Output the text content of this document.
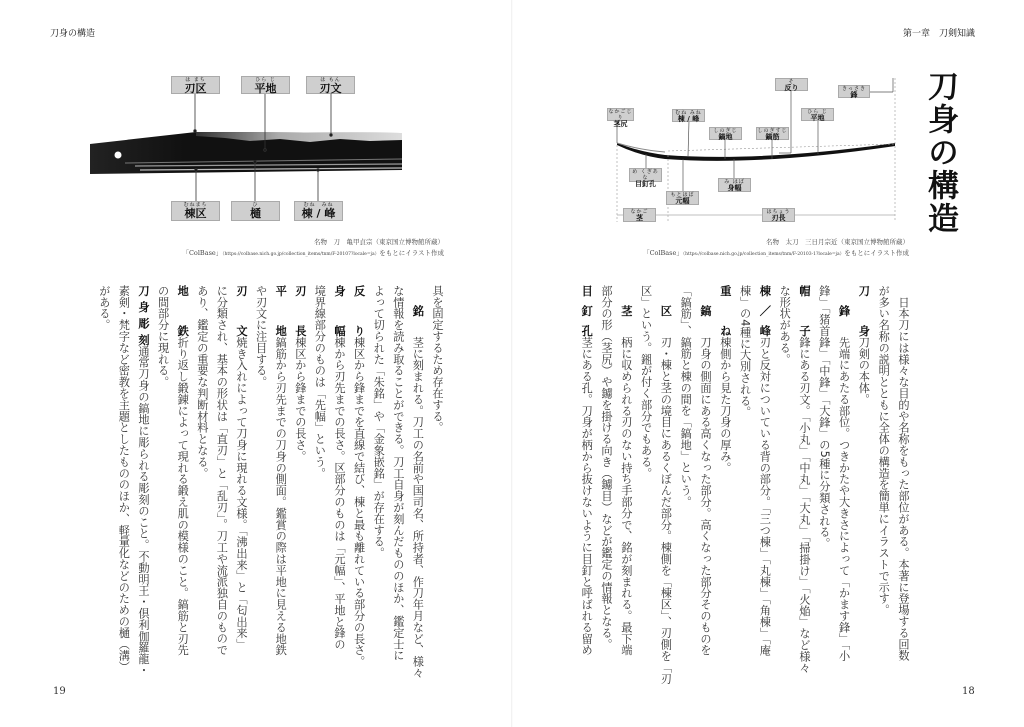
刀身の構造	第一章　刀剣知識
19	18
刀身の構造
は まち
刃区
ひら じ
平地
は もん
刃文
むねまち
棟区
ひ
樋
むね　みね
棟 / 峰
なかごじり
茎尻
むね みね
棟 / 峰
しのぎじ
鎬地
しのぎすじ
鎬筋
そ
反り
ひら じ
平地
きっさき
鋒
め くぎあな
目釘孔	み はば
身幅
もとはば
元幅
なかご
茎
はちょう
刃長
名物　刀　亀甲貞宗（東京国立博物館所蔵）
「ColBase」（https://colbase.nich.go.jp/collection_items/tnm/F-20107?locale=ja）をもとにイラスト作成
名物　太刀　三日月宗近（東京国立博物館所蔵）
「ColBase」（https://colbase.nich.go.jp/collection_items/tnm/F-20103-1?locale=ja）をもとにイラスト作成
　日本刀には様々な目的や名称をもった部位がある。本著に登場する回数
が多い名称の説明とともに全体の構造を簡単にイラストで示す。
刀身刀剣の本体。
鋒先端にあたる部位。つきかたや大きさによって「かます鋒」「小
鋒」「猪首鋒」「中鋒」「大鋒」の5種に分類される。
帽子鋒にある刃文。「小丸」「中丸」「大丸」「掃掛け」「火焔」など様々
な形状がある。
棟／峰刃と反対についている背の部分。「三つ棟」「丸棟」「角棟」「庵
棟」の4種に大別される。
重ね棟側から見た刀身の厚み。
鎬刀身の側面にある高くなった部分。高くなった部分そのものを
「鎬筋」、鎬筋と棟の間を「鎬地」という。
区刃・棟と茎の境目にあるくぼんだ部分。棟側を「棟区」、刃側を「刃
区」という。鎺が付く部分でもある。
茎柄に収められる刃のない持ち手部分で、銘が刻まれる。最下端
部分の形（茎尻）や鑢を掛ける向き（鑢目）などが鑑定の情報となる。
目釘孔茎にある孔。刀身が柄から抜けないように目釘と呼ばれる留め
具を固定するため存在する。
銘茎に刻まれる。刀工の名前や国司名、所持者、作刀年月など、様々
な情報を読み取ることができる。刀工自身が刻んだもののほか、鑑定士に
よって切られた「朱銘」や「金象嵌銘」が存在する。
反り棟区から鋒までを直線で結び、棟と最も離れている部分の長さ。
身幅棟から刃先までの長さ。区部分のものは「元幅」、平地と鋒の
境界線部分のものは「先幅」という。
刃長棟区から鋒までの長さ。
平地鎬筋から刃先までの刀身の側面。鑑賞の際は平地に見える地鉄
や刃文に注目する。
刃文焼き入れによって刀身に現れる文様。「沸出来」と「匂出来」
に分類され、基本の形状は「直刃」と「乱刃」。刀工や流派独自のもので
あり、鑑定の重要な判断材料となる。
地鉄折り返し鍛錬によって現れる鍛え肌の模様のこと。鎬筋と刃先
の間部分に現れる。
刀身彫刻通常刀身の鎬地に彫られる彫刻のこと。不動明王・倶利伽羅龍・
素剣・梵字など密教を主題としたもののほか、軽量化などのための樋（溝）
がある。
